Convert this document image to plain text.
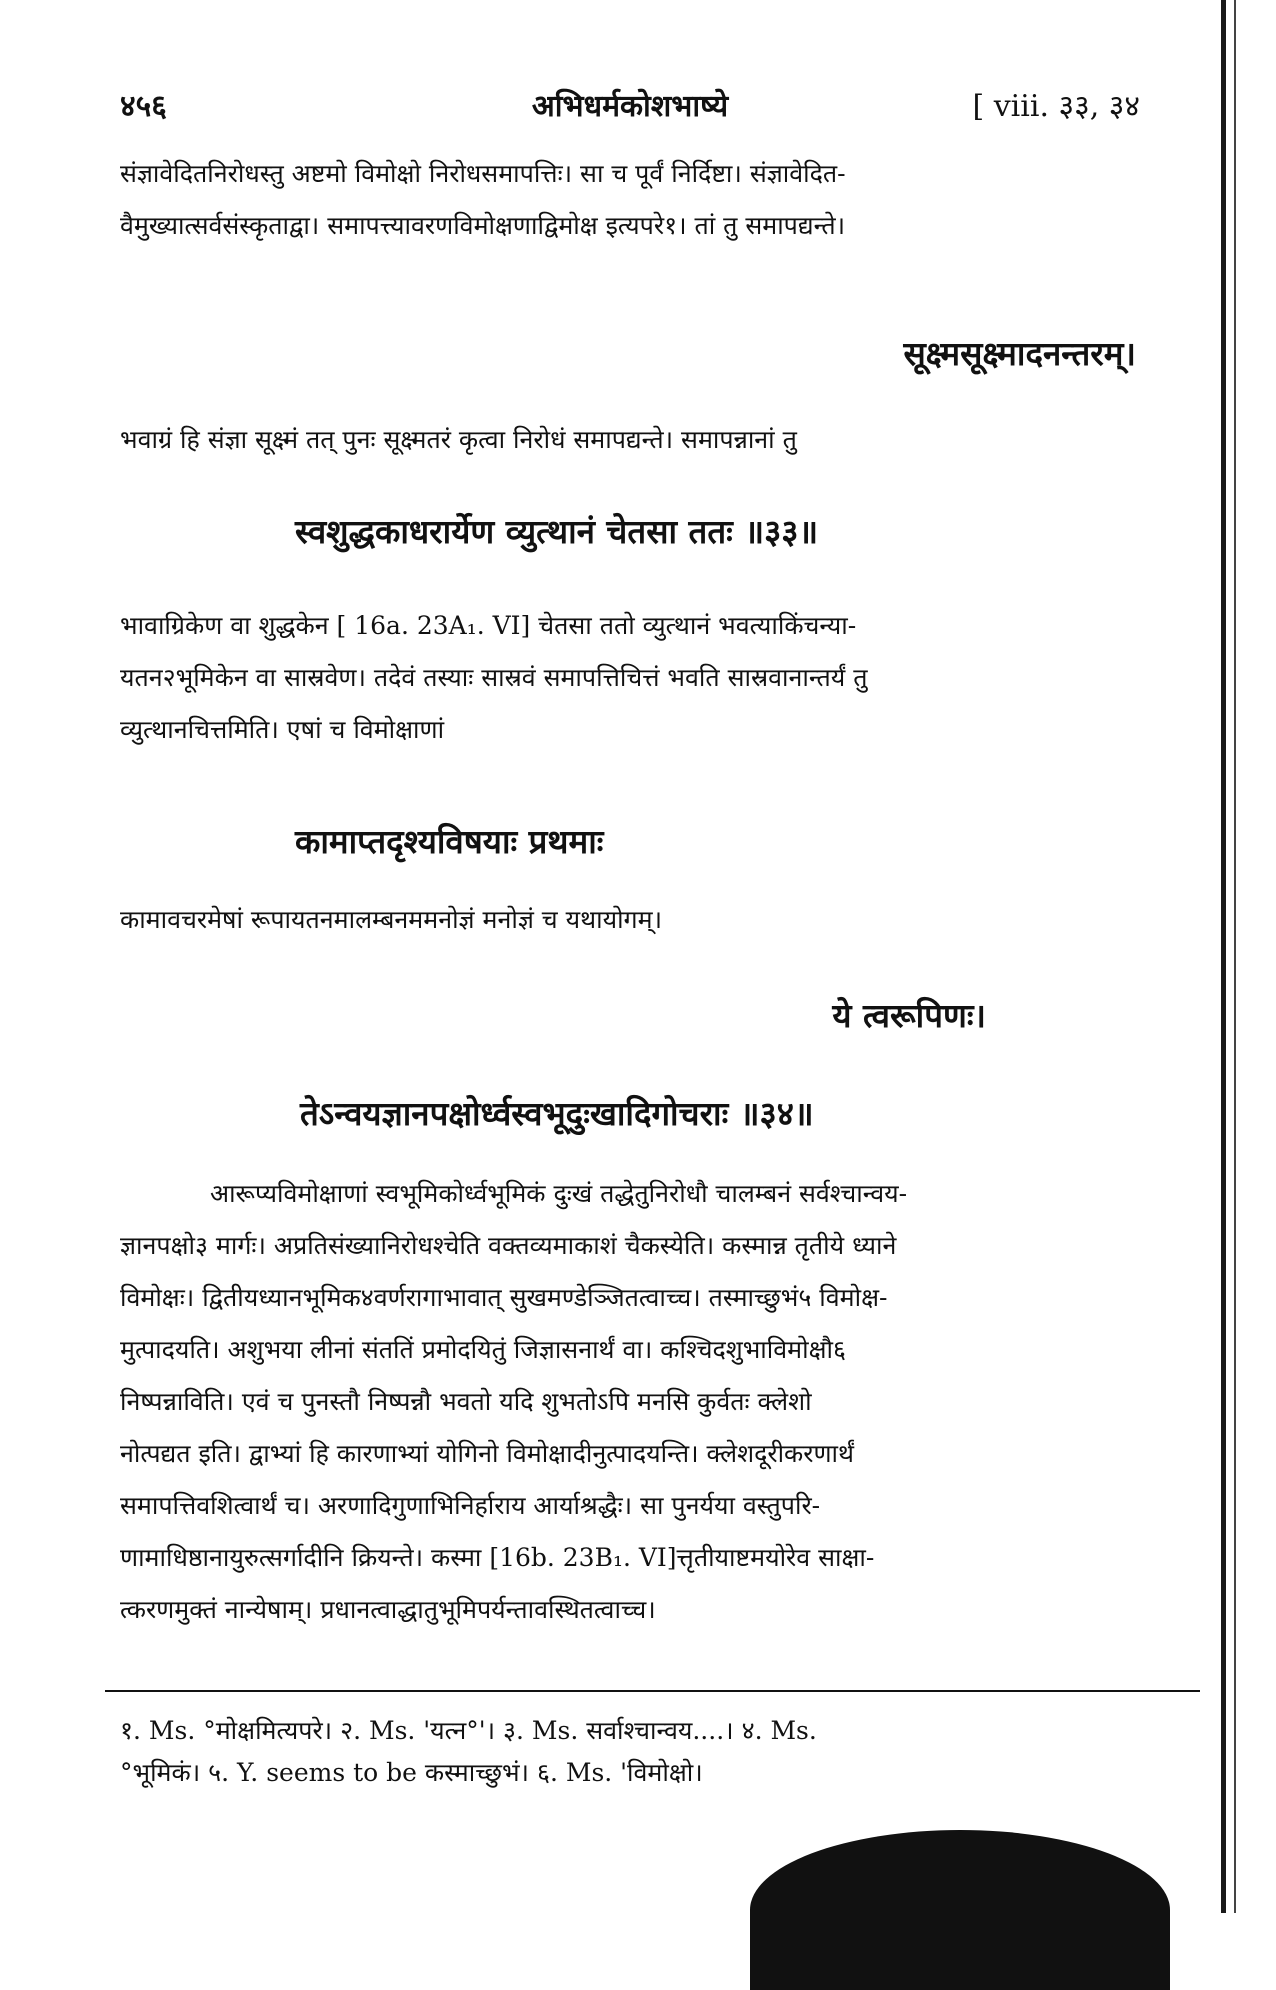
४५६	अभिधर्मकोशभाष्ये	[ viii. ३३, ३४
संज्ञावेदितनिरोधस्तु अष्टमो विमोक्षो निरोधसमापत्तिः। सा च पूर्वं निर्दिष्टा। संज्ञावेदित-
वैमुख्यात्सर्वसंस्कृताद्वा। समापत्त्यावरणविमोक्षणाद्विमोक्ष इत्यपरे१। तां तु समापद्यन्ते।
सूक्ष्मसूक्ष्मादनन्तरम्।
भवाग्रं हि संज्ञा सूक्ष्मं तत् पुनः सूक्ष्मतरं कृत्वा निरोधं समापद्यन्ते। समापन्नानां तु
स्वशुद्धकाधरार्येण व्युत्थानं चेतसा ततः ॥३३॥
भावाग्रिकेण वा शुद्धकेन [ 16a. 23A₁. VI] चेतसा ततो व्युत्थानं भवत्याकिंचन्या-
यतन२भूमिकेन वा सास्रवेण। तदेवं तस्याः सास्रवं समापत्तिचित्तं भवति सास्रवानान्तर्यं तु
व्युत्थानचित्तमिति। एषां च विमोक्षाणां
कामाप्तदृश्यविषयाः प्रथमाः
कामावचरमेषां रूपायतनमालम्बनममनोज्ञं मनोज्ञं च यथायोगम्।
ये त्वरूपिणः।
तेऽन्वयज्ञानपक्षोर्ध्वस्वभूदुःखादिगोचराः ॥३४॥
आरूप्यविमोक्षाणां स्वभूमिकोर्ध्वभूमिकं दुःखं तद्धेतुनिरोधौ चालम्बनं सर्वश्चान्वय-
ज्ञानपक्षो३ मार्गः। अप्रतिसंख्यानिरोधश्चेति वक्तव्यमाकाशं चैकस्येति। कस्मान्न तृतीये ध्याने
विमोक्षः। द्वितीयध्यानभूमिक४वर्णरागाभावात् सुखमण्डेञ्जितत्वाच्च। तस्माच्छुभं५ विमोक्ष-
मुत्पादयति। अशुभया लीनां संततिं प्रमोदयितुं जिज्ञासनार्थं वा। कश्चिदशुभाविमोक्षौ६
निष्पन्नाविति। एवं च पुनस्तौ निष्पन्नौ भवतो यदि शुभतोऽपि मनसि कुर्वतः क्लेशो
नोत्पद्यत इति। द्वाभ्यां हि कारणाभ्यां योगिनो विमोक्षादीनुत्पादयन्ति। क्लेशदूरीकरणार्थं
समापत्तिवशित्वार्थं च। अरणादिगुणाभिनिर्हाराय आर्याश्रद्धैः। सा पुनर्यया वस्तुपरि-
णामाधिष्ठानायुरुत्सर्गादीनि क्रियन्ते। कस्मा [16b. 23B₁. VI]त्तृतीयाष्टमयोरेव साक्षा-
त्करणमुक्तं नान्येषाम्। प्रधानत्वाद्धातुभूमिपर्यन्तावस्थितत्वाच्च।
१. Ms. °मोक्षमित्यपरे। २. Ms. 'यत्न°'। ३. Ms. सर्वाश्चान्वय....। ४. Ms.
°भूमिकं। ५. Y. seems to be कस्माच्छुभं। ६. Ms. 'विमोक्षो।
